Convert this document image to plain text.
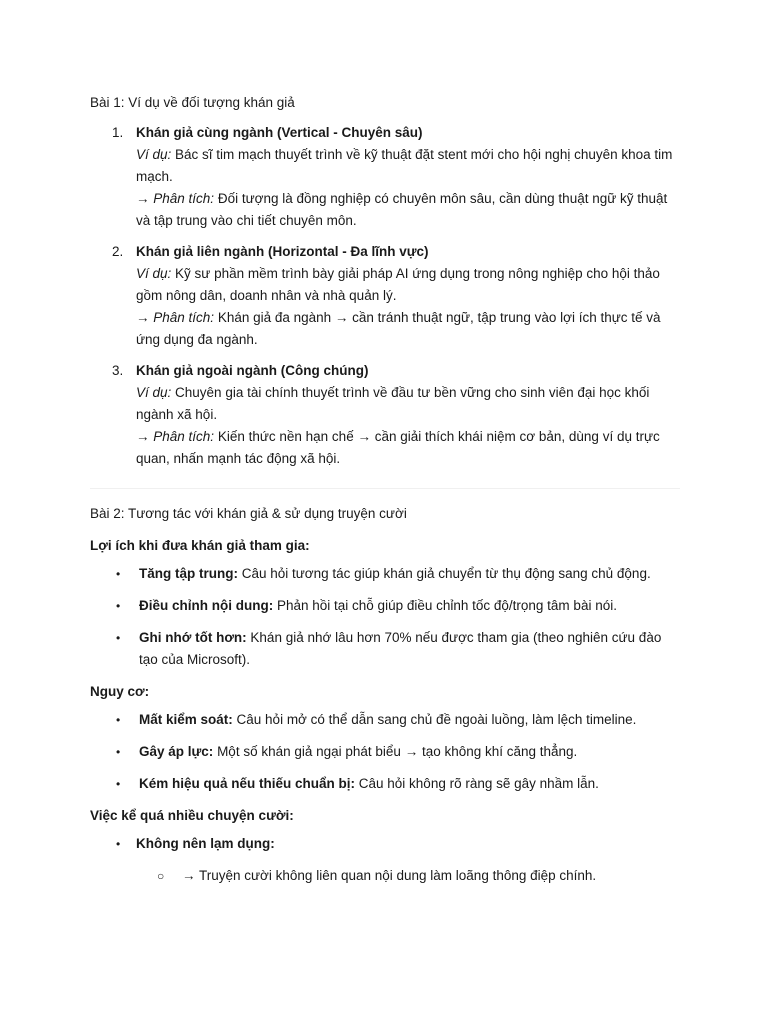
Bài 1: Ví dụ về đối tượng khán giả

1. Khán giả cùng ngành (Vertical - Chuyên sâu)
Ví dụ: Bác sĩ tim mạch thuyết trình về kỹ thuật đặt stent mới cho hội nghị chuyên khoa tim mạch.
→ Phân tích: Đối tượng là đồng nghiệp có chuyên môn sâu, cần dùng thuật ngữ kỹ thuật và tập trung vào chi tiết chuyên môn.
2. Khán giả liên ngành (Horizontal - Đa lĩnh vực)
Ví dụ: Kỹ sư phần mềm trình bày giải pháp AI ứng dụng trong nông nghiệp cho hội thảo gồm nông dân, doanh nhân và nhà quản lý.
→ Phân tích: Khán giả đa ngành → cần tránh thuật ngữ, tập trung vào lợi ích thực tế và ứng dụng đa ngành.
3. Khán giả ngoài ngành (Công chúng)
Ví dụ: Chuyên gia tài chính thuyết trình về đầu tư bền vững cho sinh viên đại học khối ngành xã hội.
→ Phân tích: Kiến thức nền hạn chế → cần giải thích khái niệm cơ bản, dùng ví dụ trực quan, nhấn mạnh tác động xã hội.

Bài 2: Tương tác với khán giả & sử dụng truyện cười

Lợi ích khi đưa khán giả tham gia:

• Tăng tập trung: Câu hỏi tương tác giúp khán giả chuyển từ thụ động sang chủ động.
• Điều chỉnh nội dung: Phản hồi tại chỗ giúp điều chỉnh tốc độ/trọng tâm bài nói.
• Ghi nhớ tốt hơn: Khán giả nhớ lâu hơn 70% nếu được tham gia (theo nghiên cứu đào tạo của Microsoft).

Nguy cơ:

• Mất kiểm soát: Câu hỏi mở có thể dẫn sang chủ đề ngoài luồng, làm lệch timeline.
• Gây áp lực: Một số khán giả ngại phát biểu → tạo không khí căng thẳng.
• Kém hiệu quả nếu thiếu chuẩn bị: Câu hỏi không rõ ràng sẽ gây nhầm lẫn.

Việc kể quá nhiều chuyện cười:

• Không nên lạm dụng:
○ → Truyện cười không liên quan nội dung làm loãng thông điệp chính.
